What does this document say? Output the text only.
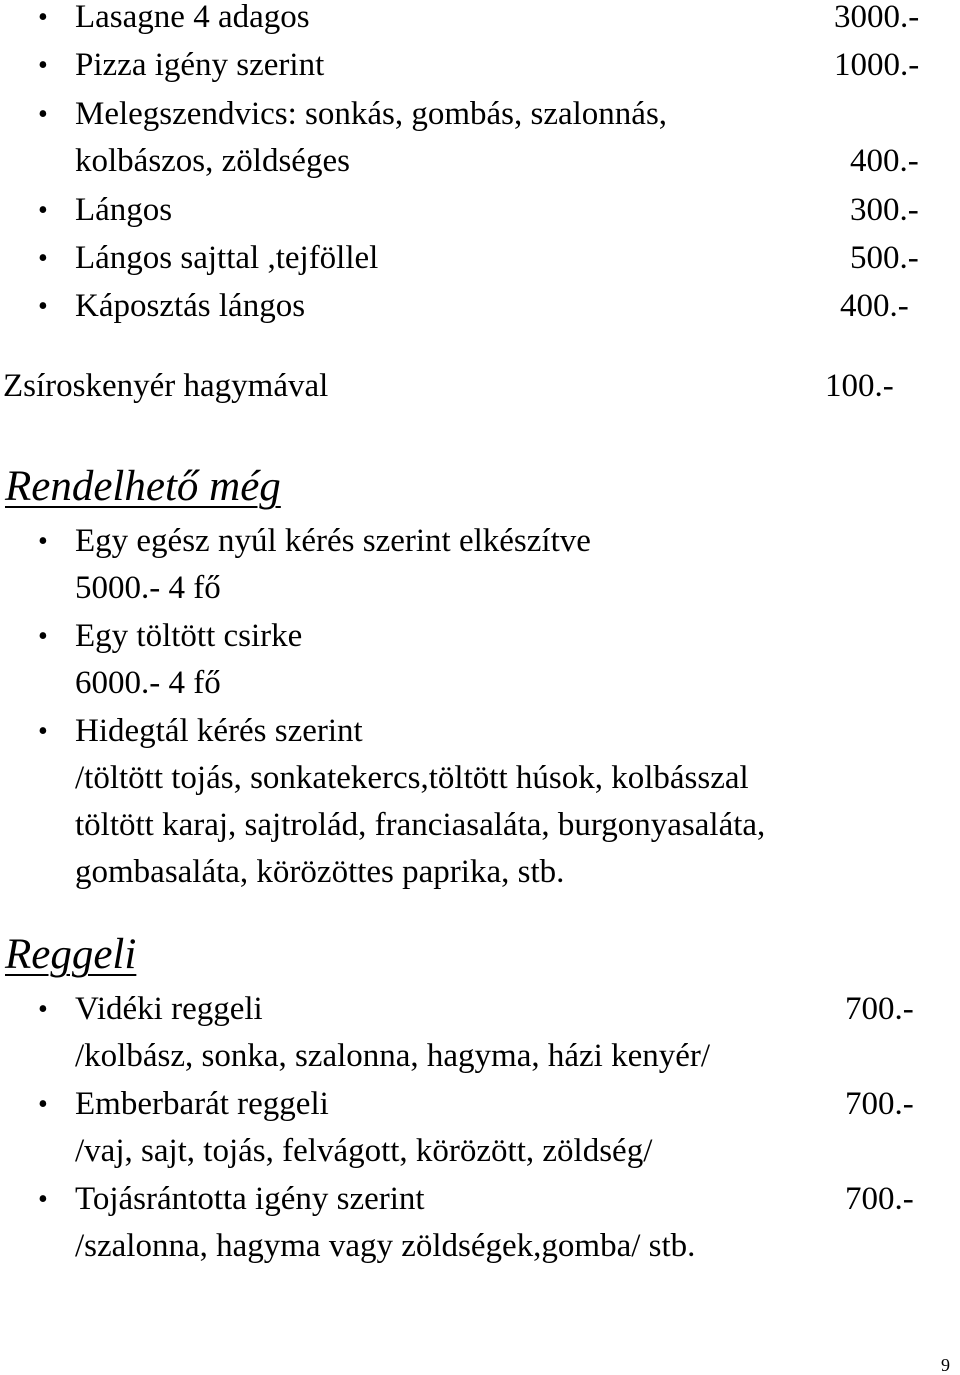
• Lasagne 4 adagos	3000.-
• Pizza igény szerint	1000.-
• Melegszendvics: sonkás, gombás, szalonnás,
kolbászos, zöldséges	400.-
• Lángos	300.-
• Lángos sajttal ,tejföllel	500.-
• Káposztás lángos	400.-
Zsíroskenyér hagymával	100.-
Rendelhető még
• Egy egész nyúl kérés szerint elkészítve
5000.- 4 fő
• Egy töltött csirke
6000.- 4 fő
• Hidegtál kérés szerint
/töltött tojás, sonkatekercs,töltött húsok, kolbásszal
töltött karaj, sajtrolád, franciasaláta, burgonyasaláta,
gombasaláta, körözöttes paprika, stb.
Reggeli
• Vidéki reggeli	700.-
/kolbász, sonka, szalonna, hagyma, házi kenyér/
• Emberbarát reggeli	700.-
/vaj, sajt, tojás, felvágott, körözött, zöldség/
• Tojásrántotta igény szerint	700.-
/szalonna, hagyma vagy zöldségek,gomba/ stb.
9
